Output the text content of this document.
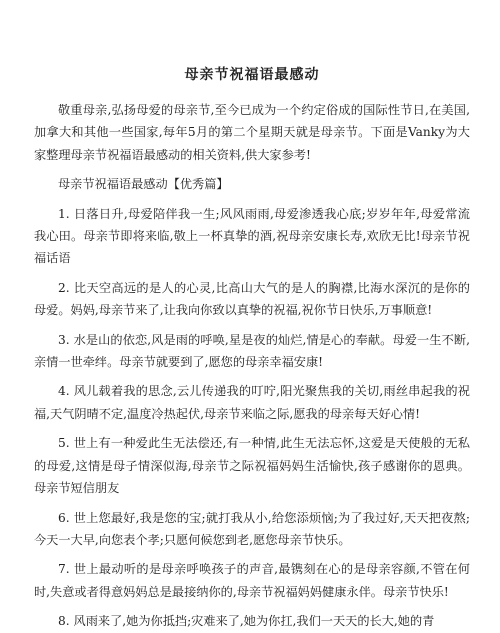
母亲节祝福语最感动

敬重母亲,弘扬母爱的母亲节,至今已成为一个约定俗成的国际性节日,在美国,加拿大和其他一些国家,每年5月的第二个星期天就是母亲节。下面是Vanky为大家整理母亲节祝福语最感动的相关资料,供大家参考!

母亲节祝福语最感动【优秀篇】

1. 日落日升,母爱陪伴我一生;风风雨雨,母爱渗透我心底;岁岁年年,母爱常流我心田。母亲节即将来临,敬上一杯真挚的酒,祝母亲安康长寿,欢欣无比!母亲节祝福话语

2. 比天空高远的是人的心灵,比高山大气的是人的胸襟,比海水深沉的是你的母爱。妈妈,母亲节来了,让我向你致以真挚的祝福,祝你节日快乐,万事顺意!

3. 水是山的依恋,风是雨的呼唤,星是夜的灿烂,情是心的奉献。母爱一生不断,亲情一世牵绊。母亲节就要到了,愿您的母亲幸福安康!

4. 风儿载着我的思念,云儿传递我的叮咛,阳光聚焦我的关切,雨丝串起我的祝福,天气阴晴不定,温度冷热起伏,母亲节来临之际,愿我的母亲每天好心情!

5. 世上有一种爱此生无法偿还,有一种情,此生无法忘怀,这爱是天使般的无私的母爱,这情是母子情深似海,母亲节之际祝福妈妈生活愉快,孩子感谢你的恩典。母亲节短信朋友

6. 世上您最好,我是您的宝;就打我从小,给您添烦恼;为了我过好,天天把夜熬;今天一大早,向您表个孝;只愿何候您到老,愿您母亲节快乐。

7. 世上最动听的是母亲呼唤孩子的声音,最镌刻在心的是母亲容颜,不管在何时,失意或者得意妈妈总是最接纳你的,母亲节祝福妈妈健康永伴。母亲节快乐!

8. 风雨来了,她为你抵挡;灾难来了,她为你扛,我们一天天的长大,她的青
